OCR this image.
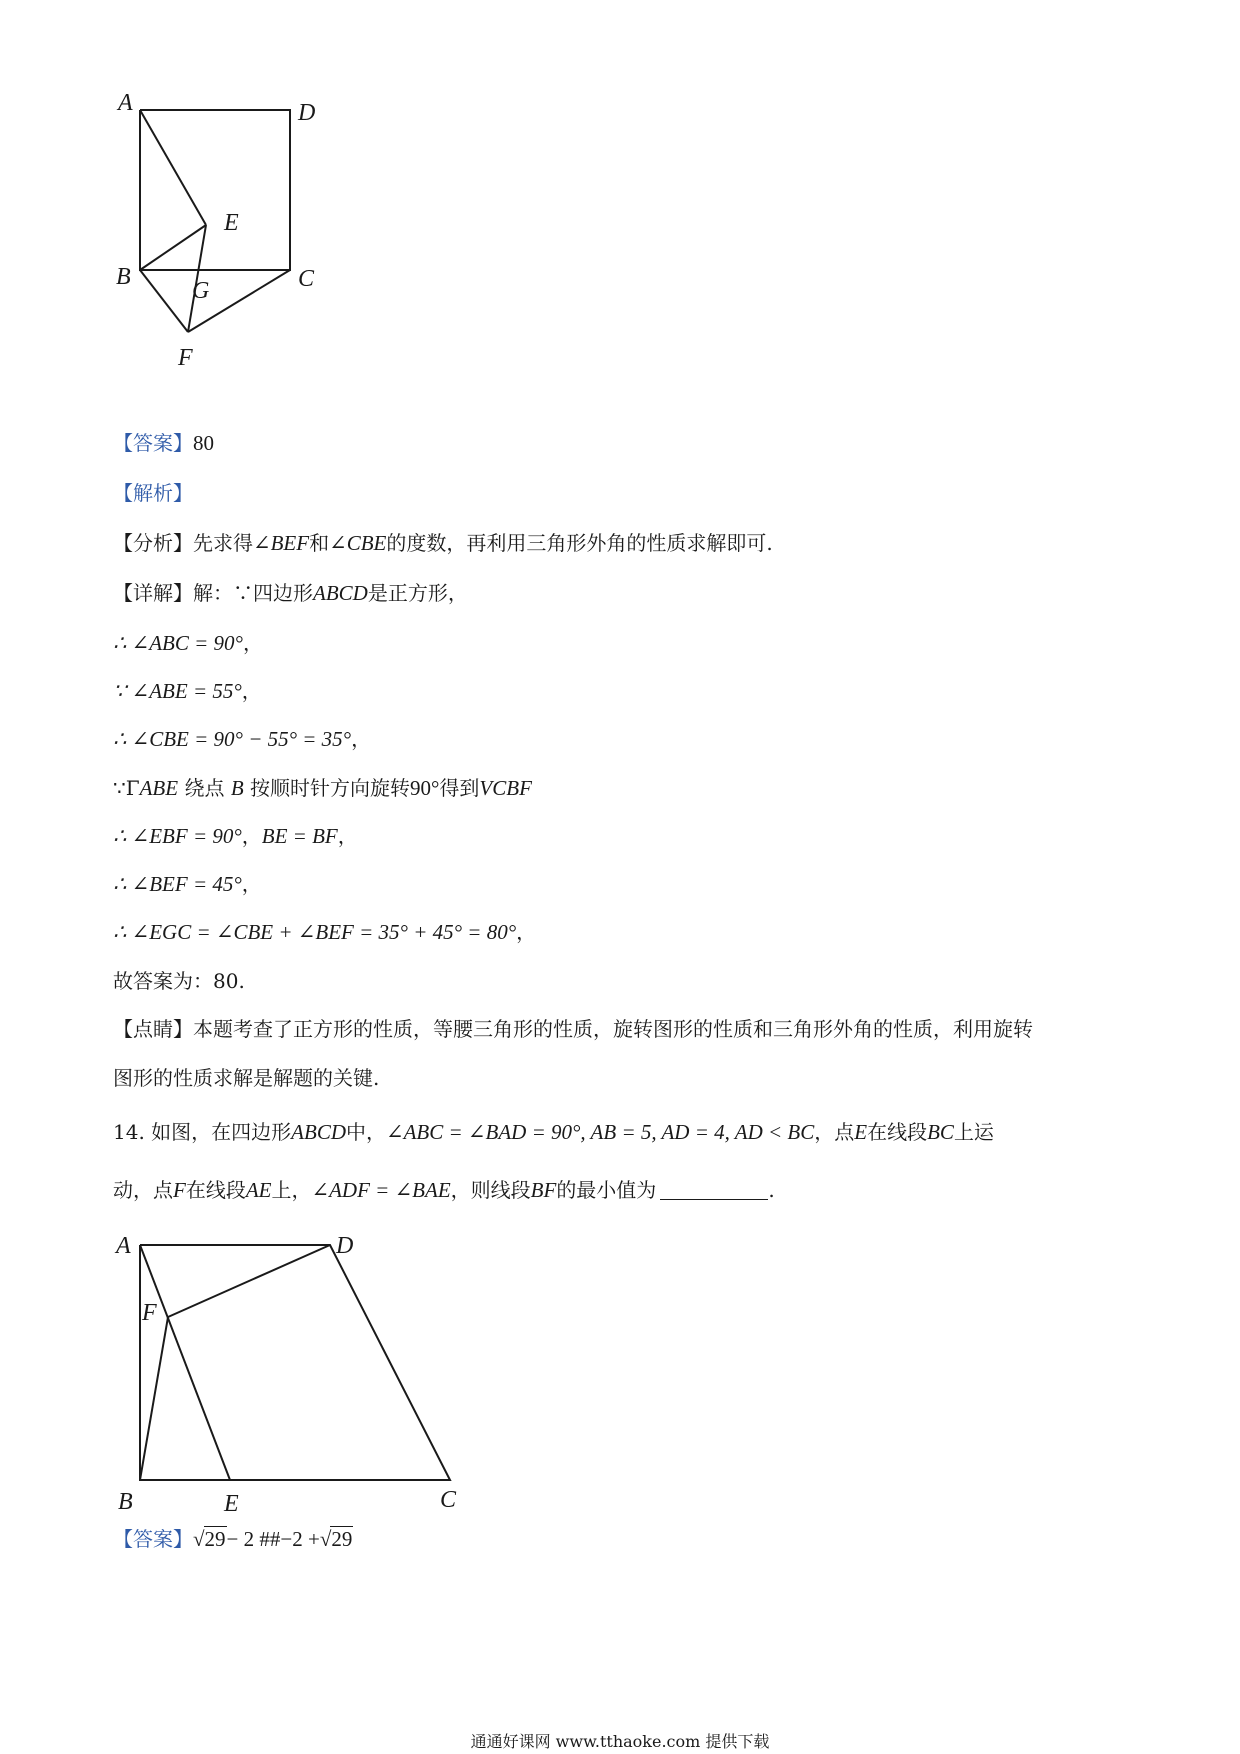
A	D
E
B
G	C
F
【答案】80
【解析】
【分析】先求得∠BEF和∠CBE的度数，再利用三角形外角的性质求解即可.
【详解】解：∵四边形ABCD是正方形，
∴ ∠ABC = 90°，
∵ ∠ABE = 55°，
∴ ∠CBE = 90° − 55° = 35°，
∵ΓABE 绕点 B 按顺时针方向旋转90°得到VCBF
∴ ∠EBF = 90°，BE = BF，
∴ ∠BEF = 45°，
∴ ∠EGC = ∠CBE + ∠BEF = 35° + 45° = 80°，
故答案为：80.
【点睛】本题考查了正方形的性质，等腰三角形的性质，旋转图形的性质和三角形外角的性质，利用旋转
图形的性质求解是解题的关键.
14. 如图，在四边形ABCD中，∠ABC = ∠BAD = 90°, AB = 5, AD = 4, AD < BC，点E在线段BC上运
动，点F在线段AE上，∠ADF = ∠BAE，则线段BF的最小值为	.
A	D
F
B	E	C
【答案】√29− 2 ##−2 +√29
通通好课网 www.tthaoke.com 提供下载
